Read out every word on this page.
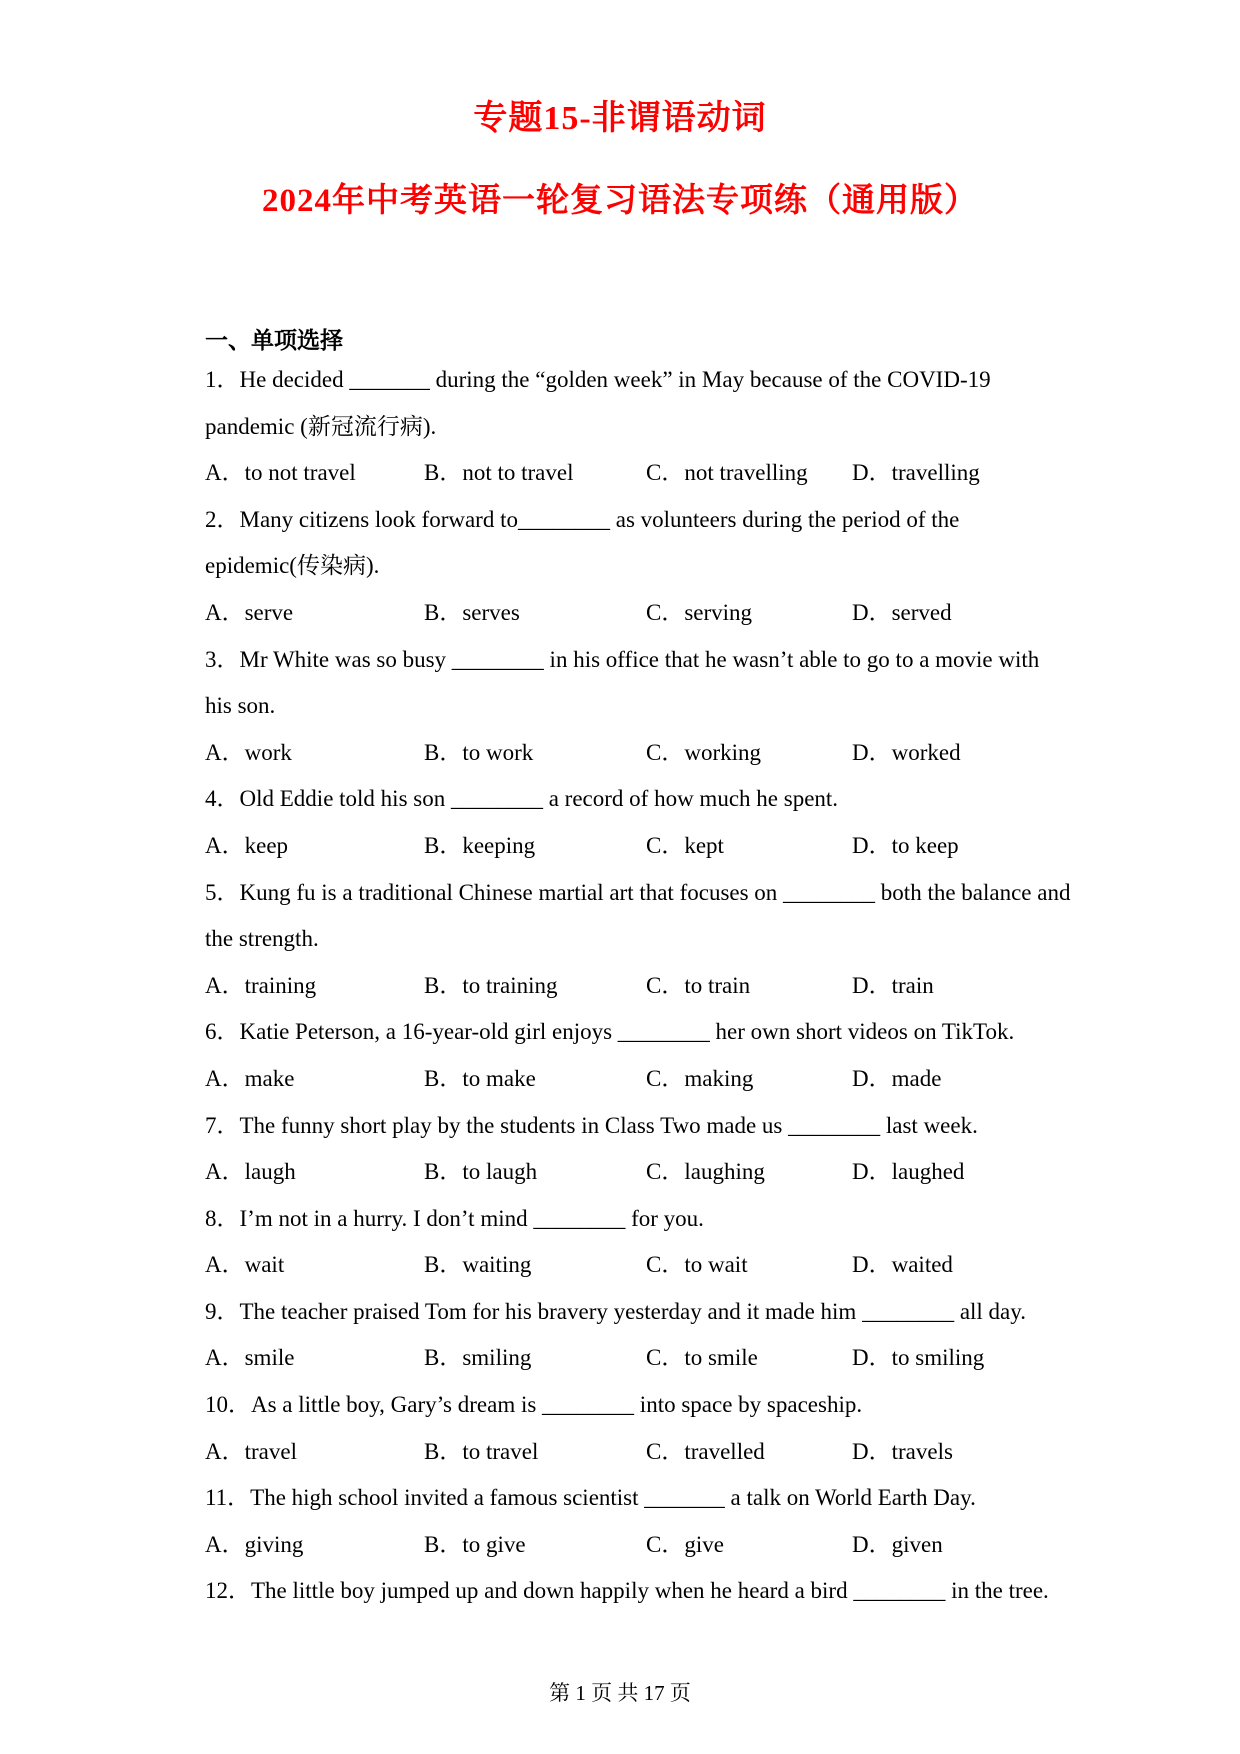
专题15-非谓语动词
2024年中考英语一轮复习语法专项练（通用版）
一、单项选择
1．He decided _______ during the “golden week” in May because of the COVID-19
pandemic (新冠流行病).
A．to not travel	B．not to travel	C．not travelling	D．travelling
2．Many citizens look forward to________ as volunteers during the period of the
epidemic(传染病).
A．serve	B．serves	C．serving	D．served
3．Mr White was so busy ________ in his office that he wasn’t able to go to a movie with
his son.
A．work	B．to work	C．working	D．worked
4．Old Eddie told his son ________ a record of how much he spent.
A．keep	B．keeping	C．kept	D．to keep
5．Kung fu is a traditional Chinese martial art that focuses on ________ both the balance and
the strength.
A．training	B．to training	C．to train	D．train
6．Katie Peterson, a 16-year-old girl enjoys ________ her own short videos on TikTok.
A．make	B．to make	C．making	D．made
7．The funny short play by the students in Class Two made us ________ last week.
A．laugh	B．to laugh	C．laughing	D．laughed
8．I’m not in a hurry. I don’t mind ________ for you.
A．wait	B．waiting	C．to wait	D．waited
9．The teacher praised Tom for his bravery yesterday and it made him ________ all day.
A．smile	B．smiling	C．to smile	D．to smiling
10．As a little boy, Gary’s dream is ________ into space by spaceship.
A．travel	B．to travel	C．travelled	D．travels
11．The high school invited a famous scientist _______ a talk on World Earth Day.
A．giving	B．to give	C．give	D．given
12．The little boy jumped up and down happily when he heard a bird ________ in the tree.
第 1 页 共 17 页
